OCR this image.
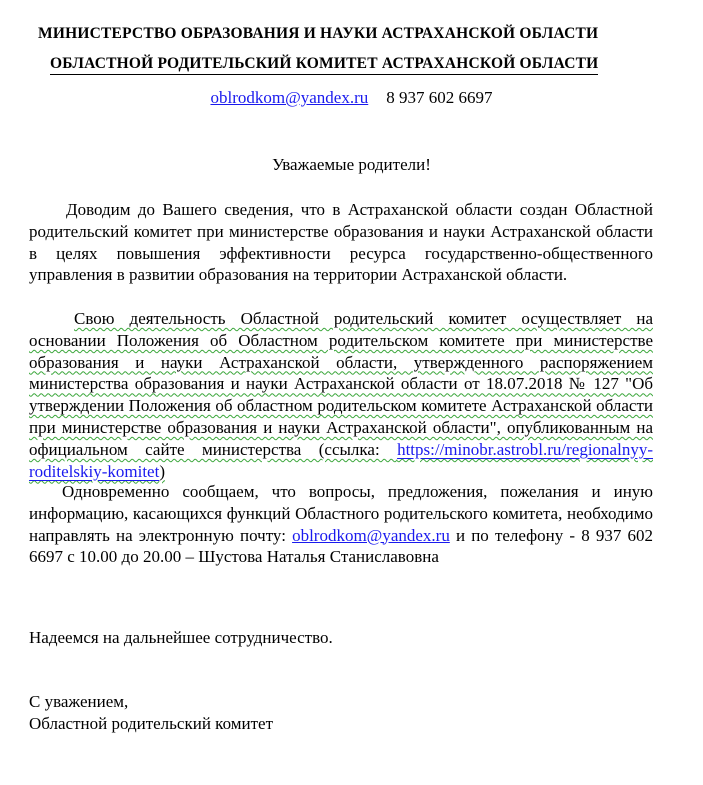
МИНИСТЕРСТВО ОБРАЗОВАНИЯ И НАУКИ АСТРАХАНСКОЙ ОБЛАСТИ
ОБЛАСТНОЙ РОДИТЕЛЬСКИЙ КОМИТЕТ АСТРАХАНСКОЙ ОБЛАСТИ
oblrodkom@yandex.ru 8 937 602 6697
Уважаемые родители!

Доводим до Вашего сведения, что в Астраханской области создан Областной родительский комитет при министерстве образования и науки Астраханской области в целях повышения эффективности ресурса государственно-общественного управления в развитии образования на территории Астраханской области.

Свою деятельность Областной родительский комитет осуществляет на основании Положения об Областном родительском комитете при министерстве образования и науки Астраханской области, утвержденного распоряжением министерства образования и науки Астраханской области от 18.07.2018 № 127 "Об утверждении Положения об областном родительском комитете Астраханской области при министерстве образования и науки Астраханской области", опубликованным на официальном сайте министерства (ссылка: https://minobr.astrobl.ru/regionalnyy-roditelskiy-komitet)

Одновременно сообщаем, что вопросы, предложения, пожелания и иную информацию, касающихся функций Областного родительского комитета, необходимо направлять на электронную почту: oblrodkom@yandex.ru и по телефону - 8 937 602 6697 с 10.00 до 20.00 – Шустова Наталья Станиславовна

Надеемся на дальнейшее сотрудничество.
С уважением,
Областной родительский комитет
